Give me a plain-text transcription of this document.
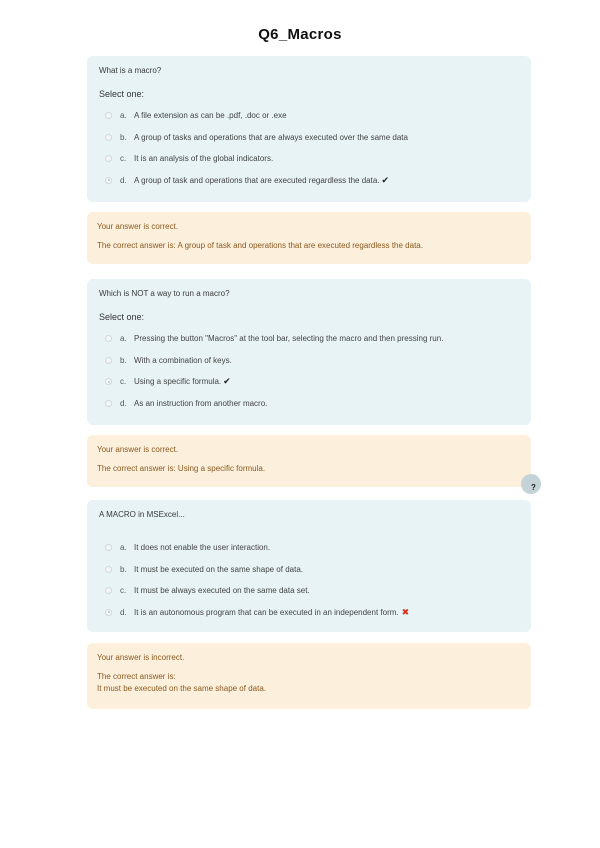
Q6_Macros

What is a macro?

Select one:

a. A file extension as can be .pdf, .doc or .exe
b. A group of tasks and operations that are always executed over the same data
c. It is an analysis of the global indicators.
d. A group of task and operations that are executed regardless the data. ✔

Your answer is correct.

The correct answer is: A group of task and operations that are executed regardless the data.

Which is NOT a way to run a macro?

Select one:

a. Pressing the button "Macros" at the tool bar, selecting the macro and then pressing run.
b. With a combination of keys.
c. Using a specific formula. ✔
d. As an instruction from another macro.

Your answer is correct.

The correct answer is: Using a specific formula.

?

A MACRO in MSExcel...

a. It does not enable the user interaction.
b. It must be executed on the same shape of data.
c. It must be always executed on the same data set.
d. It is an autonomous program that can be executed in an independent form. ✖

Your answer is incorrect.

The correct answer is:

It must be executed on the same shape of data.
